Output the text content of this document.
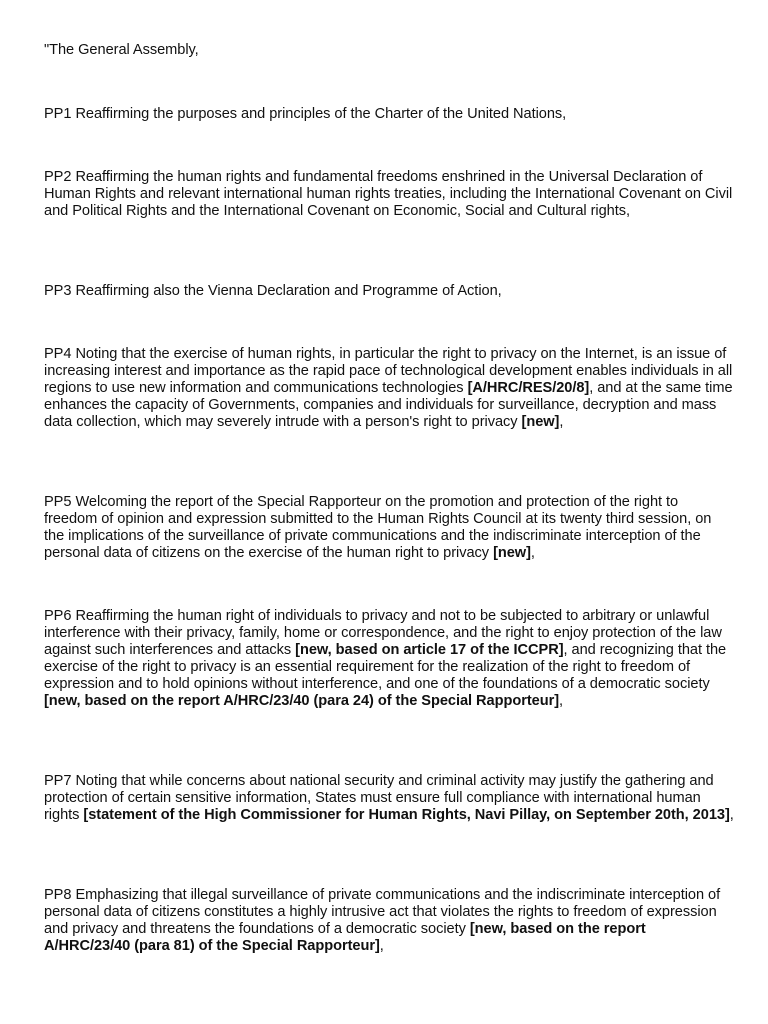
"The General Assembly,

PP1 Reaffirming the purposes and principles of the Charter of the United Nations,

PP2 Reaffirming the human rights and fundamental freedoms enshrined in the Universal Declaration of Human Rights and relevant international human rights treaties, including the International Covenant on Civil and Political Rights and the International Covenant on Economic, Social and Cultural rights,

PP3 Reaffirming also the Vienna Declaration and Programme of Action,

PP4 Noting that the exercise of human rights, in particular the right to privacy on the Internet, is an issue of increasing interest and importance as the rapid pace of technological development enables individuals in all regions to use new information and communications technologies [A/HRC/RES/20/8], and at the same time enhances the capacity of Governments, companies and individuals for surveillance, decryption and mass data collection, which may severely intrude with a person's right to privacy [new],

PP5 Welcoming the report of the Special Rapporteur on the promotion and protection of the right to freedom of opinion and expression submitted to the Human Rights Council at its twenty third session, on the implications of the surveillance of private communications and the indiscriminate interception of the personal data of citizens on the exercise of the human right to privacy [new],

PP6 Reaffirming the human right of individuals to privacy and not to be subjected to arbitrary or unlawful interference with their privacy, family, home or correspondence, and the right to enjoy protection of the law against such interferences and attacks [new, based on article 17 of the ICCPR], and recognizing that the exercise of the right to privacy is an essential requirement for the realization of the right to freedom of expression and to hold opinions without interference, and one of the foundations of a democratic society [new, based on the report A/HRC/23/40 (para 24) of the Special Rapporteur],

PP7 Noting that while concerns about national security and criminal activity may justify the gathering and protection of certain sensitive information, States must ensure full compliance with international human rights [statement of the High Commissioner for Human Rights, Navi Pillay, on September 20th, 2013],

PP8 Emphasizing that illegal surveillance of private communications and the indiscriminate interception of personal data of citizens constitutes a highly intrusive act that violates the rights to freedom of expression and privacy and threatens the foundations of a democratic society [new, based on the report A/HRC/23/40 (para 81) of the Special Rapporteur],
